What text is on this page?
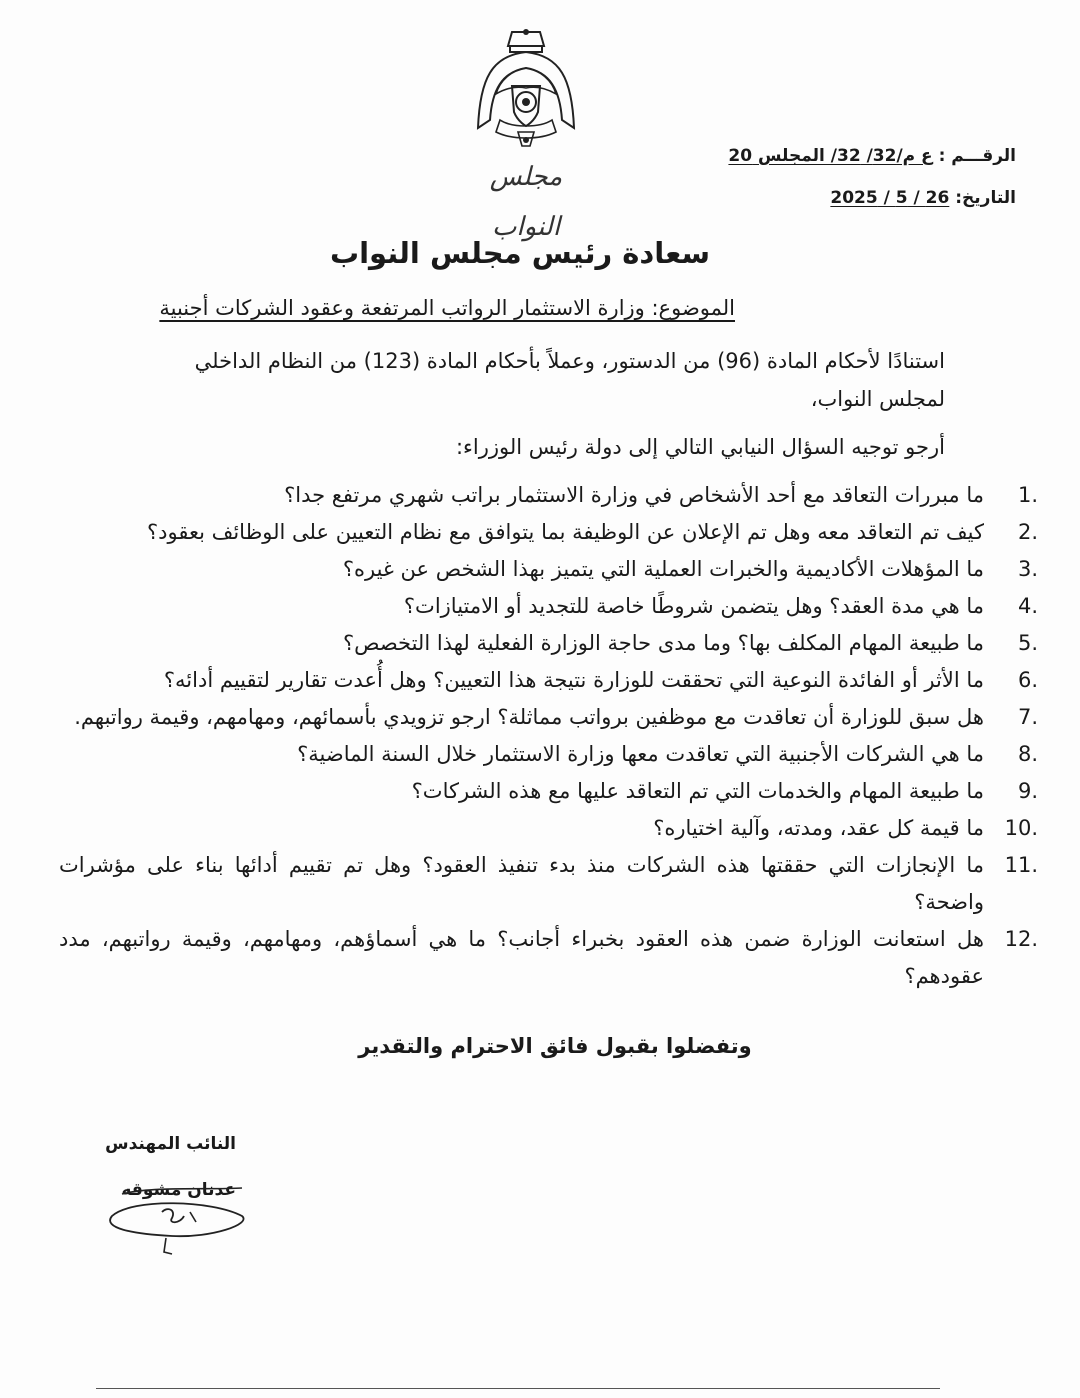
مجلس النواب
الرقـــم : ع م/32/ 32/ المجلس 20
التاريخ: 26 / 5 / 2025
سعادة رئيس مجلس النواب
الموضوع: وزارة الاستثمار الرواتب المرتفعة وعقود الشركات أجنبية
استنادًا لأحكام المادة (96) من الدستور، وعملاً بأحكام المادة (123) من النظام الداخلي لمجلس النواب،
أرجو توجيه السؤال النيابي التالي إلى دولة رئيس الوزراء:
1.
ما مبررات التعاقد مع أحد الأشخاص في وزارة الاستثمار براتب شهري مرتفع جدا؟
2.
كيف تم التعاقد معه وهل تم الإعلان عن الوظيفة بما يتوافق مع نظام التعيين على الوظائف بعقود؟
3.
ما المؤهلات الأكاديمية والخبرات العملية التي يتميز بهذا الشخص عن غيره؟
4.
ما هي مدة العقد؟ وهل يتضمن شروطًا خاصة للتجديد أو الامتيازات؟
5.
ما طبيعة المهام المكلف بها؟ وما مدى حاجة الوزارة الفعلية لهذا التخصص؟
6.
ما الأثر أو الفائدة النوعية التي تحققت للوزارة نتيجة هذا التعيين؟ وهل أُعدت تقارير لتقييم أدائه؟
7.
هل سبق للوزارة أن تعاقدت مع موظفين برواتب مماثلة؟ ارجو تزويدي بأسمائهم، ومهامهم، وقيمة رواتبهم.
8.
ما هي الشركات الأجنبية التي تعاقدت معها وزارة الاستثمار خلال السنة الماضية؟
9.
ما طبيعة المهام والخدمات التي تم التعاقد عليها مع هذه الشركات؟
10.
ما قيمة كل عقد، ومدته، وآلية اختياره؟
11.
ما الإنجازات التي حققتها هذه الشركات منذ بدء تنفيذ العقود؟ وهل تم تقييم أدائها بناء على مؤشرات واضحة؟
12.
هل استعانت الوزارة ضمن هذه العقود بخبراء أجانب؟ ما هي أسماؤهم، ومهامهم، وقيمة رواتبهم، مدد عقودهم؟
وتفضلوا بقبول فائق الاحترام والتقدير
النائب المهندس
عدنان مشوقه
